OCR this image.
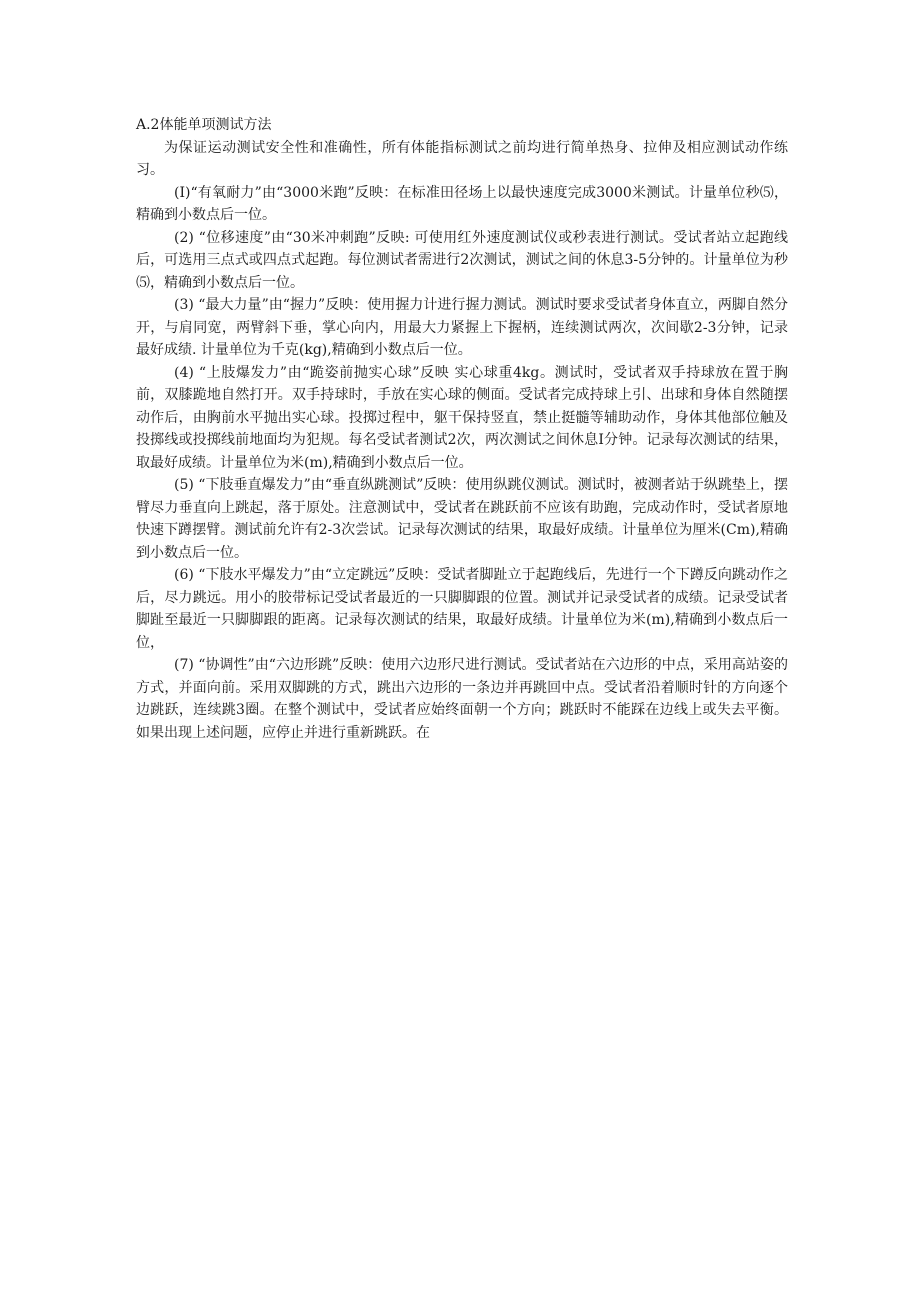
A.2体能单项测试方法

为保证运动测试安全性和准确性，所有体能指标测试之前均进行简单热身、拉伸及相应测试动作练习。

(I)“有氧耐力”由“3000米跑”反映：在标准田径场上以最快速度完成3000米测试。计量单位秒⑸，精确到小数点后一位。

(2) “位移速度”由“30米冲刺跑”反映: 可使用红外速度测试仪或秒表进行测试。受试者站立起跑线后，可选用三点式或四点式起跑。每位测试者需进行2次测试，测试之间的休息3-5分钟的。计量单位为秒⑸，精确到小数点后一位。

(3) “最大力量”由“握力”反映：使用握力计进行握力测试。测试时要求受试者身体直立，两脚自然分开，与肩同宽，两臂斜下垂，掌心向内，用最大力紧握上下握柄，连续测试两次，次间歇2-3分钟，记录最好成绩. 计量单位为千克(kg),精确到小数点后一位。

(4) “上肢爆发力”由“跪姿前抛实心球”反映 实心球重4kg。测试时，受试者双手持球放在置于胸前，双膝跪地自然打开。双手持球时，手放在实心球的侧面。受试者完成持球上引、出球和身体自然随摆动作后，由胸前水平抛出实心球。投掷过程中，躯干保持竖直，禁止挺髓等辅助动作，身体其他部位触及投掷线或投掷线前地面均为犯规。每名受试者测试2次，两次测试之间休息I分钟。记录每次测试的结果，取最好成绩。计量单位为米(m),精确到小数点后一位。

(5) “下肢垂直爆发力”由“垂直纵跳测试”反映：使用纵跳仪测试。测试时，被测者站于纵跳垫上，摆臂尽力垂直向上跳起，落于原处。注意测试中，受试者在跳跃前不应该有助跑，完成动作时，受试者原地快速下蹲摆臂。测试前允许有2-3次尝试。记录每次测试的结果，取最好成绩。计量单位为厘米(Cm),精确到小数点后一位。

(6) “下肢水平爆发力”由“立定跳远”反映：受试者脚趾立于起跑线后，先进行一个下蹲反向跳动作之后，尽力跳远。用小的胶带标记受试者最近的一只脚脚跟的位置。测试并记录受试者的成绩。记录受试者脚趾至最近一只脚脚跟的距离。记录每次测试的结果，取最好成绩。计量单位为米(m),精确到小数点后一位，

(7) “协调性”由“六边形跳”反映：使用六边形尺进行测试。受试者站在六边形的中点，采用高站姿的方式，并面向前。采用双脚跳的方式，跳出六边形的一条边并再跳回中点。受试者沿着顺时针的方向逐个边跳跃，连续跳3圈。在整个测试中，受试者应始终面朝一个方向；跳跃时不能踩在边线上或失去平衡。如果出现上述问题，应停止并进行重新跳跃。在
